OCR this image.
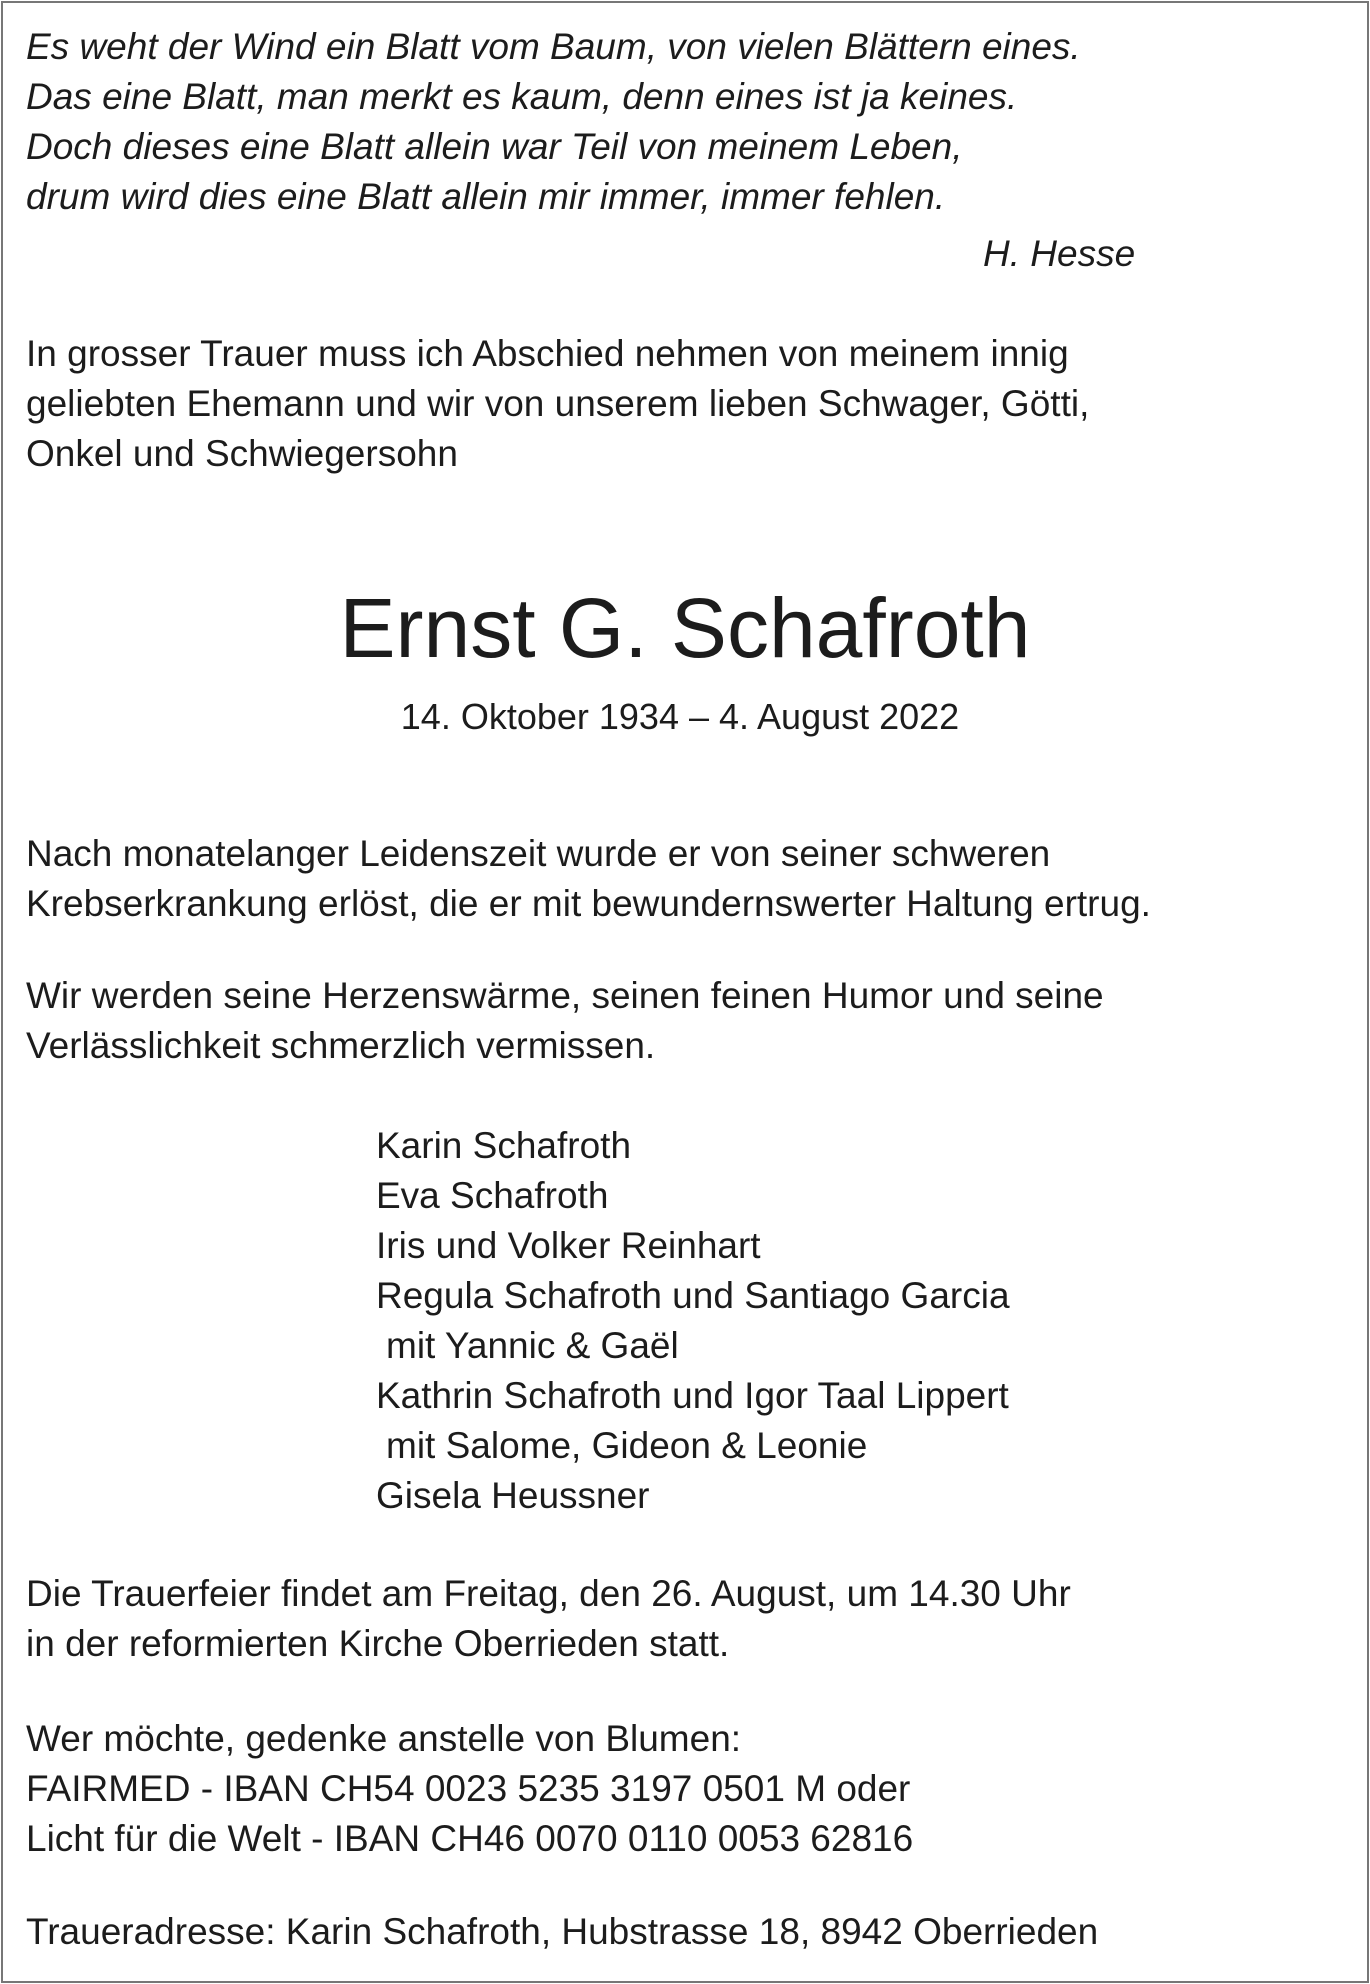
Es weht der Wind ein Blatt vom Baum, von vielen Blättern eines.
Das eine Blatt, man merkt es kaum, denn eines ist ja keines.
Doch dieses eine Blatt allein war Teil von meinem Leben,
drum wird dies eine Blatt allein mir immer, immer fehlen.
H. Hesse
In grosser Trauer muss ich Abschied nehmen von meinem innig
geliebten Ehemann und wir von unserem lieben Schwager, Götti,
Onkel und Schwiegersohn
Ernst G. Schafroth
14. Oktober 1934 – 4. August 2022
Nach monatelanger Leidenszeit wurde er von seiner schweren
Krebserkrankung erlöst, die er mit bewundernswerter Haltung ertrug.
Wir werden seine Herzenswärme, seinen feinen Humor und seine
Verlässlichkeit schmerzlich vermissen.
Karin Schafroth
Eva Schafroth
Iris und Volker Reinhart
Regula Schafroth und Santiago Garcia
mit Yannic & Gaël
Kathrin Schafroth und Igor Taal Lippert
mit Salome, Gideon & Leonie
Gisela Heussner
Die Trauerfeier findet am Freitag, den 26. August, um 14.30 Uhr
in der reformierten Kirche Oberrieden statt.
Wer möchte, gedenke anstelle von Blumen:
FAIRMED - IBAN CH54 0023 5235 3197 0501 M oder
Licht für die Welt - IBAN CH46 0070 0110 0053 62816
Traueradresse: Karin Schafroth, Hubstrasse 18, 8942 Oberrieden
